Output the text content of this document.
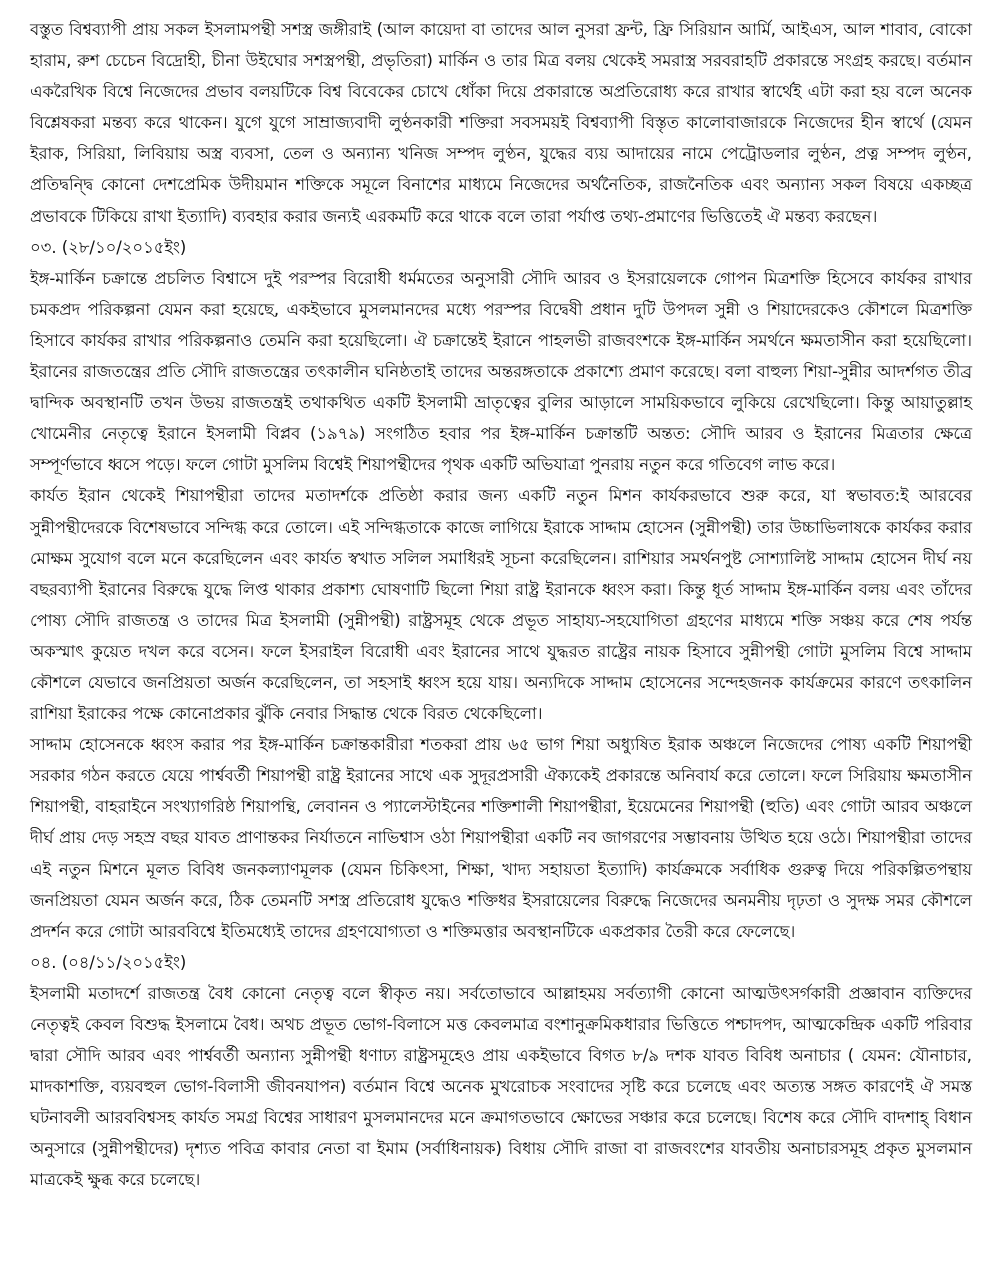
বস্তুত বিশ্বব্যাপী প্রায় সকল ইসলামপন্থী সশস্ত্র জঙ্গীরাই (আল কায়েদা বা তাদের আল নুসরা ফ্রন্ট, ফ্রি সিরিয়ান আর্মি, আইএস, আল শাবাব, বোকো হারাম, রুশ চেচেন বিদ্রোহী, চীনা উইঘোর সশস্ত্রপন্থী, প্রভৃতিরা) মার্কিন ও তার মিত্র বলয় থেকেই সমরাস্ত্র সরবরাহটি প্রকারন্তে সংগ্রহ করছে। বর্তমান একরৈখিক বিশ্বে নিজেদের প্রভাব বলয়টিকে বিশ্ব বিবেকের চোখে ধোঁকা দিয়ে প্রকারান্তে অপ্রতিরোধ্য করে রাখার স্বার্থেই এটা করা হয় বলে অনেক বিশ্লেষকরা মন্তব্য করে থাকেন। যুগে যুগে সাম্রাজ্যবাদী লুণ্ঠনকারী শক্তিরা সবসময়ই বিশ্বব্যাপী বিস্তৃত কালোবাজারকে নিজেদের হীন স্বার্থে (যেমন ইরাক, সিরিয়া, লিবিয়ায় অস্ত্র ব্যবসা, তেল ও অন্যান্য খনিজ সম্পদ লুণ্ঠন, যুদ্ধের ব্যয় আদায়ের নামে পেট্রোডলার লুণ্ঠন, প্রত্ন সম্পদ লুণ্ঠন, প্রতিদ্বন্দ্বি কোনো দেশপ্রেমিক উদীয়মান শক্তিকে সমূলে বিনাশের মাধ্যমে নিজেদের অর্থনৈতিক, রাজনৈতিক এবং অন্যান্য সকল বিষয়ে একচ্ছত্র প্রভাবকে টিকিয়ে রাখা ইত্যাদি) ব্যবহার করার জন্যই এরকমটি করে থাকে বলে তারা পর্যাপ্ত তথ্য-প্রমাণের ভিত্তিতেই ঐ মন্তব্য করছেন।

০৩. (২৮/১০/২০১৫ইং)

ইঙ্গ-মার্কিন চক্রান্তে প্রচলিত বিশ্বাসে দুই পরস্পর বিরোধী ধর্মমতের অনুসারী সৌদি আরব ও ইসরায়েলকে গোপন মিত্রশক্তি হিসেবে কার্যকর রাখার চমকপ্রদ পরিকল্পনা যেমন করা হয়েছে, একইভাবে মুসলমানদের মধ্যে পরস্পর বিদ্বেষী প্রধান দুটি উপদল সুন্নী ও শিয়াদেরকেও কৌশলে মিত্রশক্তি হিসাবে কার্যকর রাখার পরিকল্পনাও তেমনি করা হয়েছিলো। ঐ চক্রান্তেই ইরানে পাহলভী রাজবংশকে ইঙ্গ-মার্কিন সমর্থনে ক্ষমতাসীন করা হয়েছিলো। ইরানের রাজতন্ত্রের প্রতি সৌদি রাজতন্ত্রের তৎকালীন ঘনিষ্ঠতাই তাদের অন্তরঙ্গতাকে প্রকাশ্যে প্রমাণ করেছে। বলা বাহুল্য শিয়া-সুন্নীর আদর্শগত তীব্র দ্বান্দিক অবস্থানটি তখন উভয় রাজতন্ত্রই তথাকথিত একটি ইসলামী ভ্রাতৃত্বের বুলির আড়ালে সাময়িকভাবে লুকিয়ে রেখেছিলো। কিন্তু আয়াতুল্লাহ খোমেনীর নেতৃত্বে ইরানে ইসলামী বিপ্লব (১৯৭৯) সংগঠিত হবার পর ইঙ্গ-মার্কিন চক্রান্তটি অন্তত: সৌদি আরব ও ইরানের মিত্রতার ক্ষেত্রে সম্পূর্ণভাবে ধ্বসে পড়ে। ফলে গোটা মুসলিম বিশ্বেই শিয়াপন্থীদের পৃথক একটি অভিযাত্রা পুনরায় নতুন করে গতিবেগ লাভ করে।

কার্যত ইরান থেকেই শিয়াপন্থীরা তাদের মতাদর্শকে প্রতিষ্ঠা করার জন্য একটি নতুন মিশন কার্যকরভাবে শুরু করে, যা স্বভাবত:ই আরবের সুন্নীপন্থীদেরকে বিশেষভাবে সন্দিগ্ধ করে তোলে। এই সন্দিগ্ধতাকে কাজে লাগিয়ে ইরাকে সাদ্দাম হোসেন (সুন্নীপন্থী) তার উচ্চাভিলাষকে কার্যকর করার মোক্ষম সুযোগ বলে মনে করেছিলেন এবং কার্যত স্বখাত সলিল সমাধিরই সূচনা করেছিলেন। রাশিয়ার সমর্থনপুষ্ট সোশ্যালিষ্ট সাদ্দাম হোসেন দীর্ঘ নয় বছরব্যাপী ইরানের বিরুদ্ধে যুদ্ধে লিপ্ত থাকার প্রকাশ্য ঘোষণাটি ছিলো শিয়া রাষ্ট্র ইরানকে ধ্বংস করা। কিন্তু ধূর্ত সাদ্দাম ইঙ্গ-মার্কিন বলয় এবং তাঁদের পোষ্য সৌদি রাজতন্ত্র ও তাদের মিত্র ইসলামী (সুন্নীপন্থী) রাষ্ট্রসমূহ থেকে প্রভূত সাহায্য-সহযোগিতা গ্রহণের মাধ্যমে শক্তি সঞ্চয় করে শেষ পর্যন্ত অকস্মাৎ কুয়েত দখল করে বসেন। ফলে ইসরাইল বিরোধী এবং ইরানের সাথে যুদ্ধরত রাষ্ট্রের নায়ক হিসাবে সুন্নীপন্থী গোটা মুসলিম বিশ্বে সাদ্দাম কৌশলে যেভাবে জনপ্রিয়তা অর্জন করেছিলেন, তা সহসাই ধ্বংস হয়ে যায়। অন্যদিকে সাদ্দাম হোসেনের সন্দেহজনক কার্যক্রমের কারণে তৎকালিন রাশিয়া ইরাকের পক্ষে কোনোপ্রকার ঝুঁকি নেবার সিদ্ধান্ত থেকে বিরত থেকেছিলো।

সাদ্দাম হোসেনকে ধ্বংস করার পর ইঙ্গ-মার্কিন চক্রান্তকারীরা শতকরা প্রায় ৬৫ ভাগ শিয়া অধ্যুষিত ইরাক অঞ্চলে নিজেদের পোষ্য একটি শিয়াপন্থী সরকার গঠন করতে যেয়ে পার্শ্ববর্তী শিয়াপন্থী রাষ্ট্র ইরানের সাথে এক সুদূরপ্রসারী ঐক্যকেই প্রকারন্তে অনিবার্য করে তোলে। ফলে সিরিয়ায় ক্ষমতাসীন শিয়াপন্থী, বাহরাইনে সংখ্যাগরিষ্ঠ শিয়াপন্থি, লেবানন ও প্যালেস্টাইনের শক্তিশালী শিয়াপন্থীরা, ইয়েমেনের শিয়াপন্থী (হুতি) এবং গোটা আরব অঞ্চলে দীর্ঘ প্রায় দেড় সহস্র বছর যাবত প্রাণান্তকর নির্যাতনে নাভিশ্বাস ওঠা শিয়াপন্থীরা একটি নব জাগরণের সম্ভাবনায় উত্থিত হয়ে ওঠে। শিয়াপন্থীরা তাদের এই নতুন মিশনে মূলত বিবিধ জনকল্যাণমূলক (যেমন চিকিৎসা, শিক্ষা, খাদ্য সহায়তা ইত্যাদি) কার্যক্রমকে সর্বাধিক গুরুত্ব দিয়ে পরিকল্পিতপন্থায় জনপ্রিয়তা যেমন অর্জন করে, ঠিক তেমনটি সশস্ত্র প্রতিরোধ যুদ্ধেও শক্তিধর ইসরায়েলের বিরুদ্ধে নিজেদের অনমনীয় দৃঢ়তা ও সুদক্ষ সমর কৌশলে প্রদর্শন করে গোটা আরববিশ্বে ইতিমধ্যেই তাদের গ্রহণযোগ্যতা ও শক্তিমত্তার অবস্থানটিকে একপ্রকার তৈরী করে ফেলেছে।

০৪. (০৪/১১/২০১৫ইং)

ইসলামী মতাদর্শে রাজতন্ত্র বৈধ কোনো নেতৃত্ব বলে স্বীকৃত নয়। সর্বতোভাবে আল্লাহময় সর্বত্যাগী কোনো আত্মউৎসর্গকারী প্রজ্ঞাবান ব্যক্তিদের নেতৃত্বই কেবল বিশুদ্ধ ইসলামে বৈধ। অথচ প্রভূত ভোগ-বিলাসে মত্ত কেবলমাত্র বংশানুক্রমিকধারার ভিত্তিতে পশ্চাদপদ, আত্মকেন্দ্রিক একটি পরিবার দ্বারা সৌদি আরব এবং পার্শ্ববর্তী অন্যান্য সুন্নীপন্থী ধণাঢ্য রাষ্ট্রসমূহেও প্রায় একইভাবে বিগত ৮/৯ দশক যাবত বিবিধ অনাচার ( যেমন: যৌনাচার, মাদকাশক্তি, ব্যয়বহুল ভোগ-বিলাসী জীবনযাপন) বর্তমান বিশ্বে অনেক মুখরোচক সংবাদের সৃষ্টি করে চলেছে এবং অত্যন্ত সঙ্গত কারণেই ঐ সমস্ত ঘটনাবলী আরববিশ্বসহ কার্যত সমগ্র বিশ্বের সাধারণ মুসলমানদের মনে ক্রমাগতভাবে ক্ষোভের সঞ্চার করে চলেছে। বিশেষ করে সৌদি বাদশাহ্ বিধান অনুসারে (সুন্নীপন্থীদের) দৃশ্যত পবিত্র কাবার নেতা বা ইমাম (সর্বাধিনায়ক) বিধায় সৌদি রাজা বা রাজবংশের যাবতীয় অনাচারসমূহ প্রকৃত মুসলমান মাত্রকেই ক্ষুব্ধ করে চলেছে।
